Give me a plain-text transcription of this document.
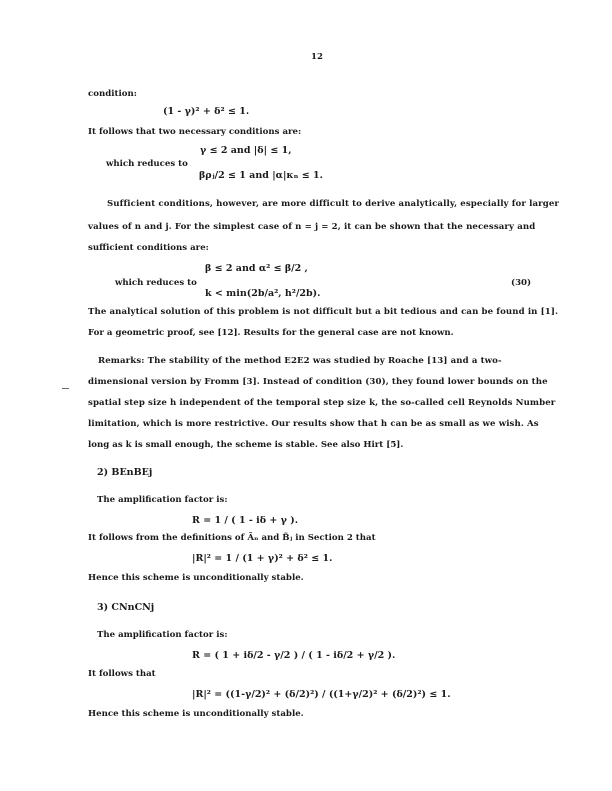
12
condition:
(1 - γ)² + δ² ≤ 1.
It follows that two necessary conditions are:
γ ≤ 2 and |δ| ≤ 1,
which reduces to
βρⱼ/2 ≤ 1 and |α|κₙ ≤ 1.
Sufficient conditions, however, are more difficult to derive analytically, especially for larger
values of n and j. For the simplest case of n = j = 2, it can be shown that the necessary and
sufficient conditions are:
β ≤ 2 and α² ≤ β/2 ,
which reduces to	(30)
k < min(2b/a², h²/2b).
The analytical solution of this problem is not difficult but a bit tedious and can be found in [1].
For a geometric proof, see [12]. Results for the general case are not known.
Remarks: The stability of the method E2E2 was studied by Roache [13] and a two-
dimensional version by Fromm [3]. Instead of condition (30), they found lower bounds on the
spatial step size h independent of the temporal step size k, the so-called cell Reynolds Number
limitation, which is more restrictive. Our results show that h can be as small as we wish. As
long as k is small enough, the scheme is stable. See also Hirt [5].
2) BEnBEj
The amplification factor is:
R = 1 / ( 1 - iδ + γ ).
It follows from the definitions of Ãₙ and B̃ⱼ in Section 2 that
|R|² = 1 / (1 + γ)² + δ² ≤ 1.
Hence this scheme is unconditionally stable.
3) CNnCNj
The amplification factor is:
R = ( 1 + iδ/2 - γ/2 ) / ( 1 - iδ/2 + γ/2 ).
It follows that
|R|² = ((1-γ/2)² + (δ/2)²) / ((1+γ/2)² + (δ/2)²) ≤ 1.
Hence this scheme is unconditionally stable.
